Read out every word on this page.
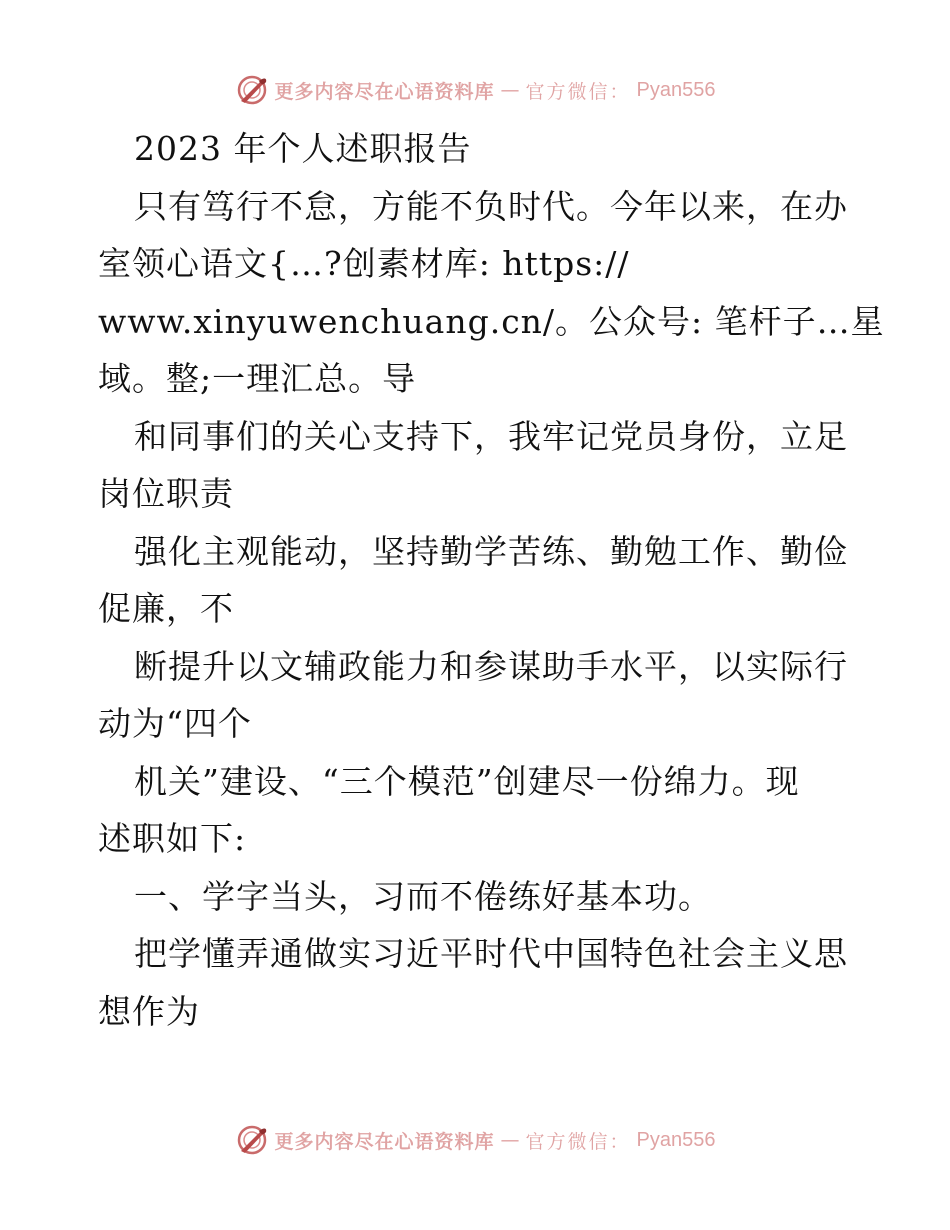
更多内容尽在心语资料库 — 官方微信： Pyan556
2023 年个人述职报告
只有笃行不怠，方能不负时代。今年以来，在办
室领心语文{…?创素材库: https://
www.xinyuwenchuang.cn/。公众号: 笔杆子…星
域。整;一理汇总。导
和同事们的关心支持下，我牢记党员身份，立足
岗位职责
强化主观能动，坚持勤学苦练、勤勉工作、勤俭
促廉，不
断提升以文辅政能力和参谋助手水平，以实际行
动为“四个
机关”建设、“三个模范”创建尽一份绵力。现
述职如下:
一、学字当头，习而不倦练好基本功。
把学懂弄通做实习近平时代中国特色社会主义思
想作为
更多内容尽在心语资料库 — 官方微信： Pyan556
